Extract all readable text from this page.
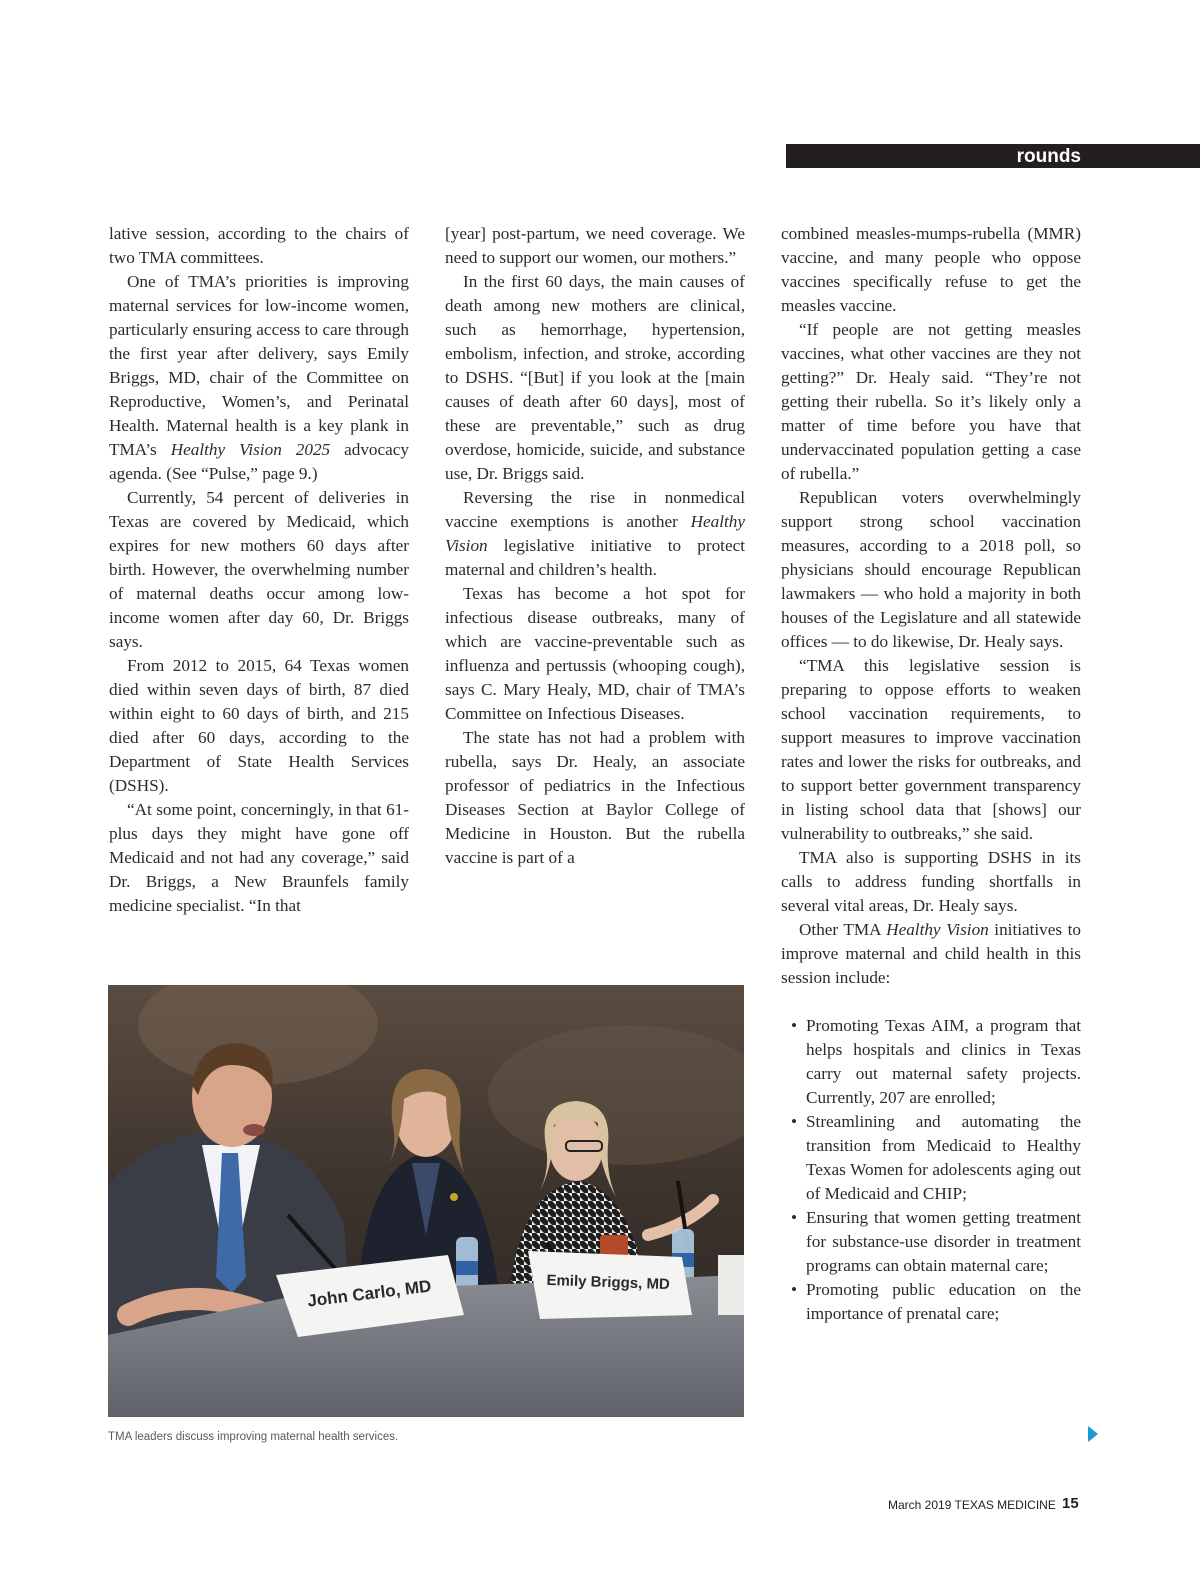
rounds

lative session, according to the chairs of two TMA committees.

One of TMA’s priorities is improving maternal services for low-income women, particularly ensuring access to care through the first year after delivery, says Emily Briggs, MD, chair of the Committee on Reproductive, Women’s, and Perinatal Health. Maternal health is a key plank in TMA’s Healthy Vision 2025 advocacy agenda. (See “Pulse,” page 9.)

Currently, 54 percent of deliveries in Texas are covered by Medicaid, which expires for new mothers 60 days after birth. However, the overwhelming number of maternal deaths occur among low-income women after day 60, Dr. Briggs says.

From 2012 to 2015, 64 Texas women died within seven days of birth, 87 died within eight to 60 days of birth, and 215 died after 60 days, according to the Department of State Health Services (DSHS).

“At some point, concerningly, in that 61-plus days they might have gone off Medicaid and not had any coverage,” said Dr. Briggs, a New Braunfels family medicine specialist. “In that

[year] post-partum, we need coverage. We need to support our women, our mothers.”

In the first 60 days, the main causes of death among new mothers are clinical, such as hemorrhage, hypertension, embolism, infection, and stroke, according to DSHS. “[But] if you look at the [main causes of death after 60 days], most of these are preventable,” such as drug overdose, homicide, suicide, and substance use, Dr. Briggs said.

Reversing the rise in nonmedical vaccine exemptions is another Healthy Vision legislative initiative to protect maternal and children’s health.

Texas has become a hot spot for infectious disease outbreaks, many of which are vaccine-preventable such as influenza and pertussis (whooping cough), says C. Mary Healy, MD, chair of TMA’s Committee on Infectious Diseases.

The state has not had a problem with rubella, says Dr. Healy, an associate professor of pediatrics in the Infectious Diseases Section at Baylor College of Medicine in Houston. But the rubella vaccine is part of a

combined measles-mumps-rubella (MMR) vaccine, and many people who oppose vaccines specifically refuse to get the measles vaccine.

“If people are not getting measles vaccines, what other vaccines are they not getting?” Dr. Healy said. “They’re not getting their rubella. So it’s likely only a matter of time before you have that undervaccinated population getting a case of rubella.”

Republican voters overwhelmingly support strong school vaccination measures, according to a 2018 poll, so physicians should encourage Republican lawmakers — who hold a majority in both houses of the Legislature and all statewide offices — to do likewise, Dr. Healy says.

“TMA this legislative session is preparing to oppose efforts to weaken school vaccination requirements, to support measures to improve vaccination rates and lower the risks for outbreaks, and to support better government transparency in listing school data that [shows] our vulnerability to outbreaks,” she said.

TMA also is supporting DSHS in its calls to address funding shortfalls in several vital areas, Dr. Healy says.

Other TMA Healthy Vision initiatives to improve maternal and child health in this session include:

• Promoting Texas AIM, a program that helps hospitals and clinics in Texas carry out maternal safety projects. Currently, 207 are enrolled;
• Streamlining and automating the transition from Medicaid to Healthy Texas Women for adolescents aging out of Medicaid and CHIP;
• Ensuring that women getting treatment for substance-use disorder in treatment programs can obtain maternal care;
• Promoting public education on the importance of prenatal care;
John Carlo, MD	Emily Briggs, MD
TMA leaders discuss improving maternal health services.
March 2019 TEXAS MEDICINE 15
